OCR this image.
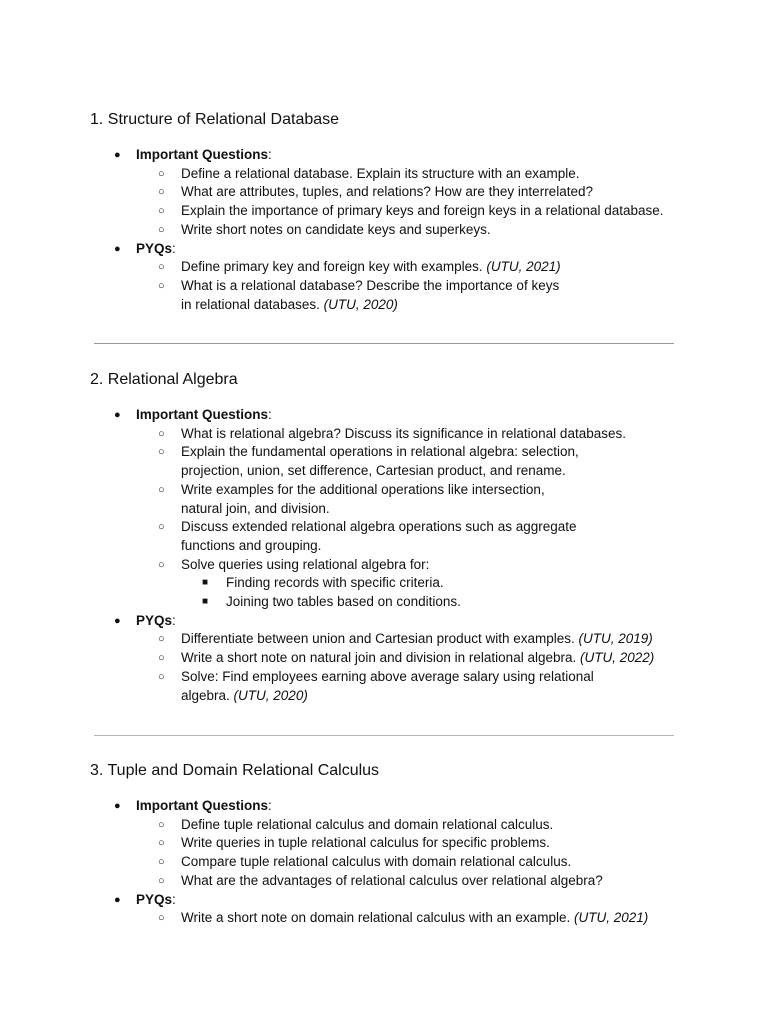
1. Structure of Relational Database
● Important Questions:
○ Define a relational database. Explain its structure with an example.
○ What are attributes, tuples, and relations? How are they interrelated?
○ Explain the importance of primary keys and foreign keys in a relational database.
○ Write short notes on candidate keys and superkeys.
● PYQs:
○ Define primary key and foreign key with examples. (UTU, 2021)
○ What is a relational database? Describe the importance of keys in relational databases. (UTU, 2020)
2. Relational Algebra
● Important Questions:
○ What is relational algebra? Discuss its significance in relational databases.
○ Explain the fundamental operations in relational algebra: selection, projection, union, set difference, Cartesian product, and rename.
○ Write examples for the additional operations like intersection, natural join, and division.
○ Discuss extended relational algebra operations such as aggregate functions and grouping.
○ Solve queries using relational algebra for:
■ Finding records with specific criteria.
■ Joining two tables based on conditions.
● PYQs:
○ Differentiate between union and Cartesian product with examples. (UTU, 2019)
○ Write a short note on natural join and division in relational algebra. (UTU, 2022)
○ Solve: Find employees earning above average salary using relational algebra. (UTU, 2020)
3. Tuple and Domain Relational Calculus
● Important Questions:
○ Define tuple relational calculus and domain relational calculus.
○ Write queries in tuple relational calculus for specific problems.
○ Compare tuple relational calculus with domain relational calculus.
○ What are the advantages of relational calculus over relational algebra?
● PYQs:
○ Write a short note on domain relational calculus with an example. (UTU, 2021)
